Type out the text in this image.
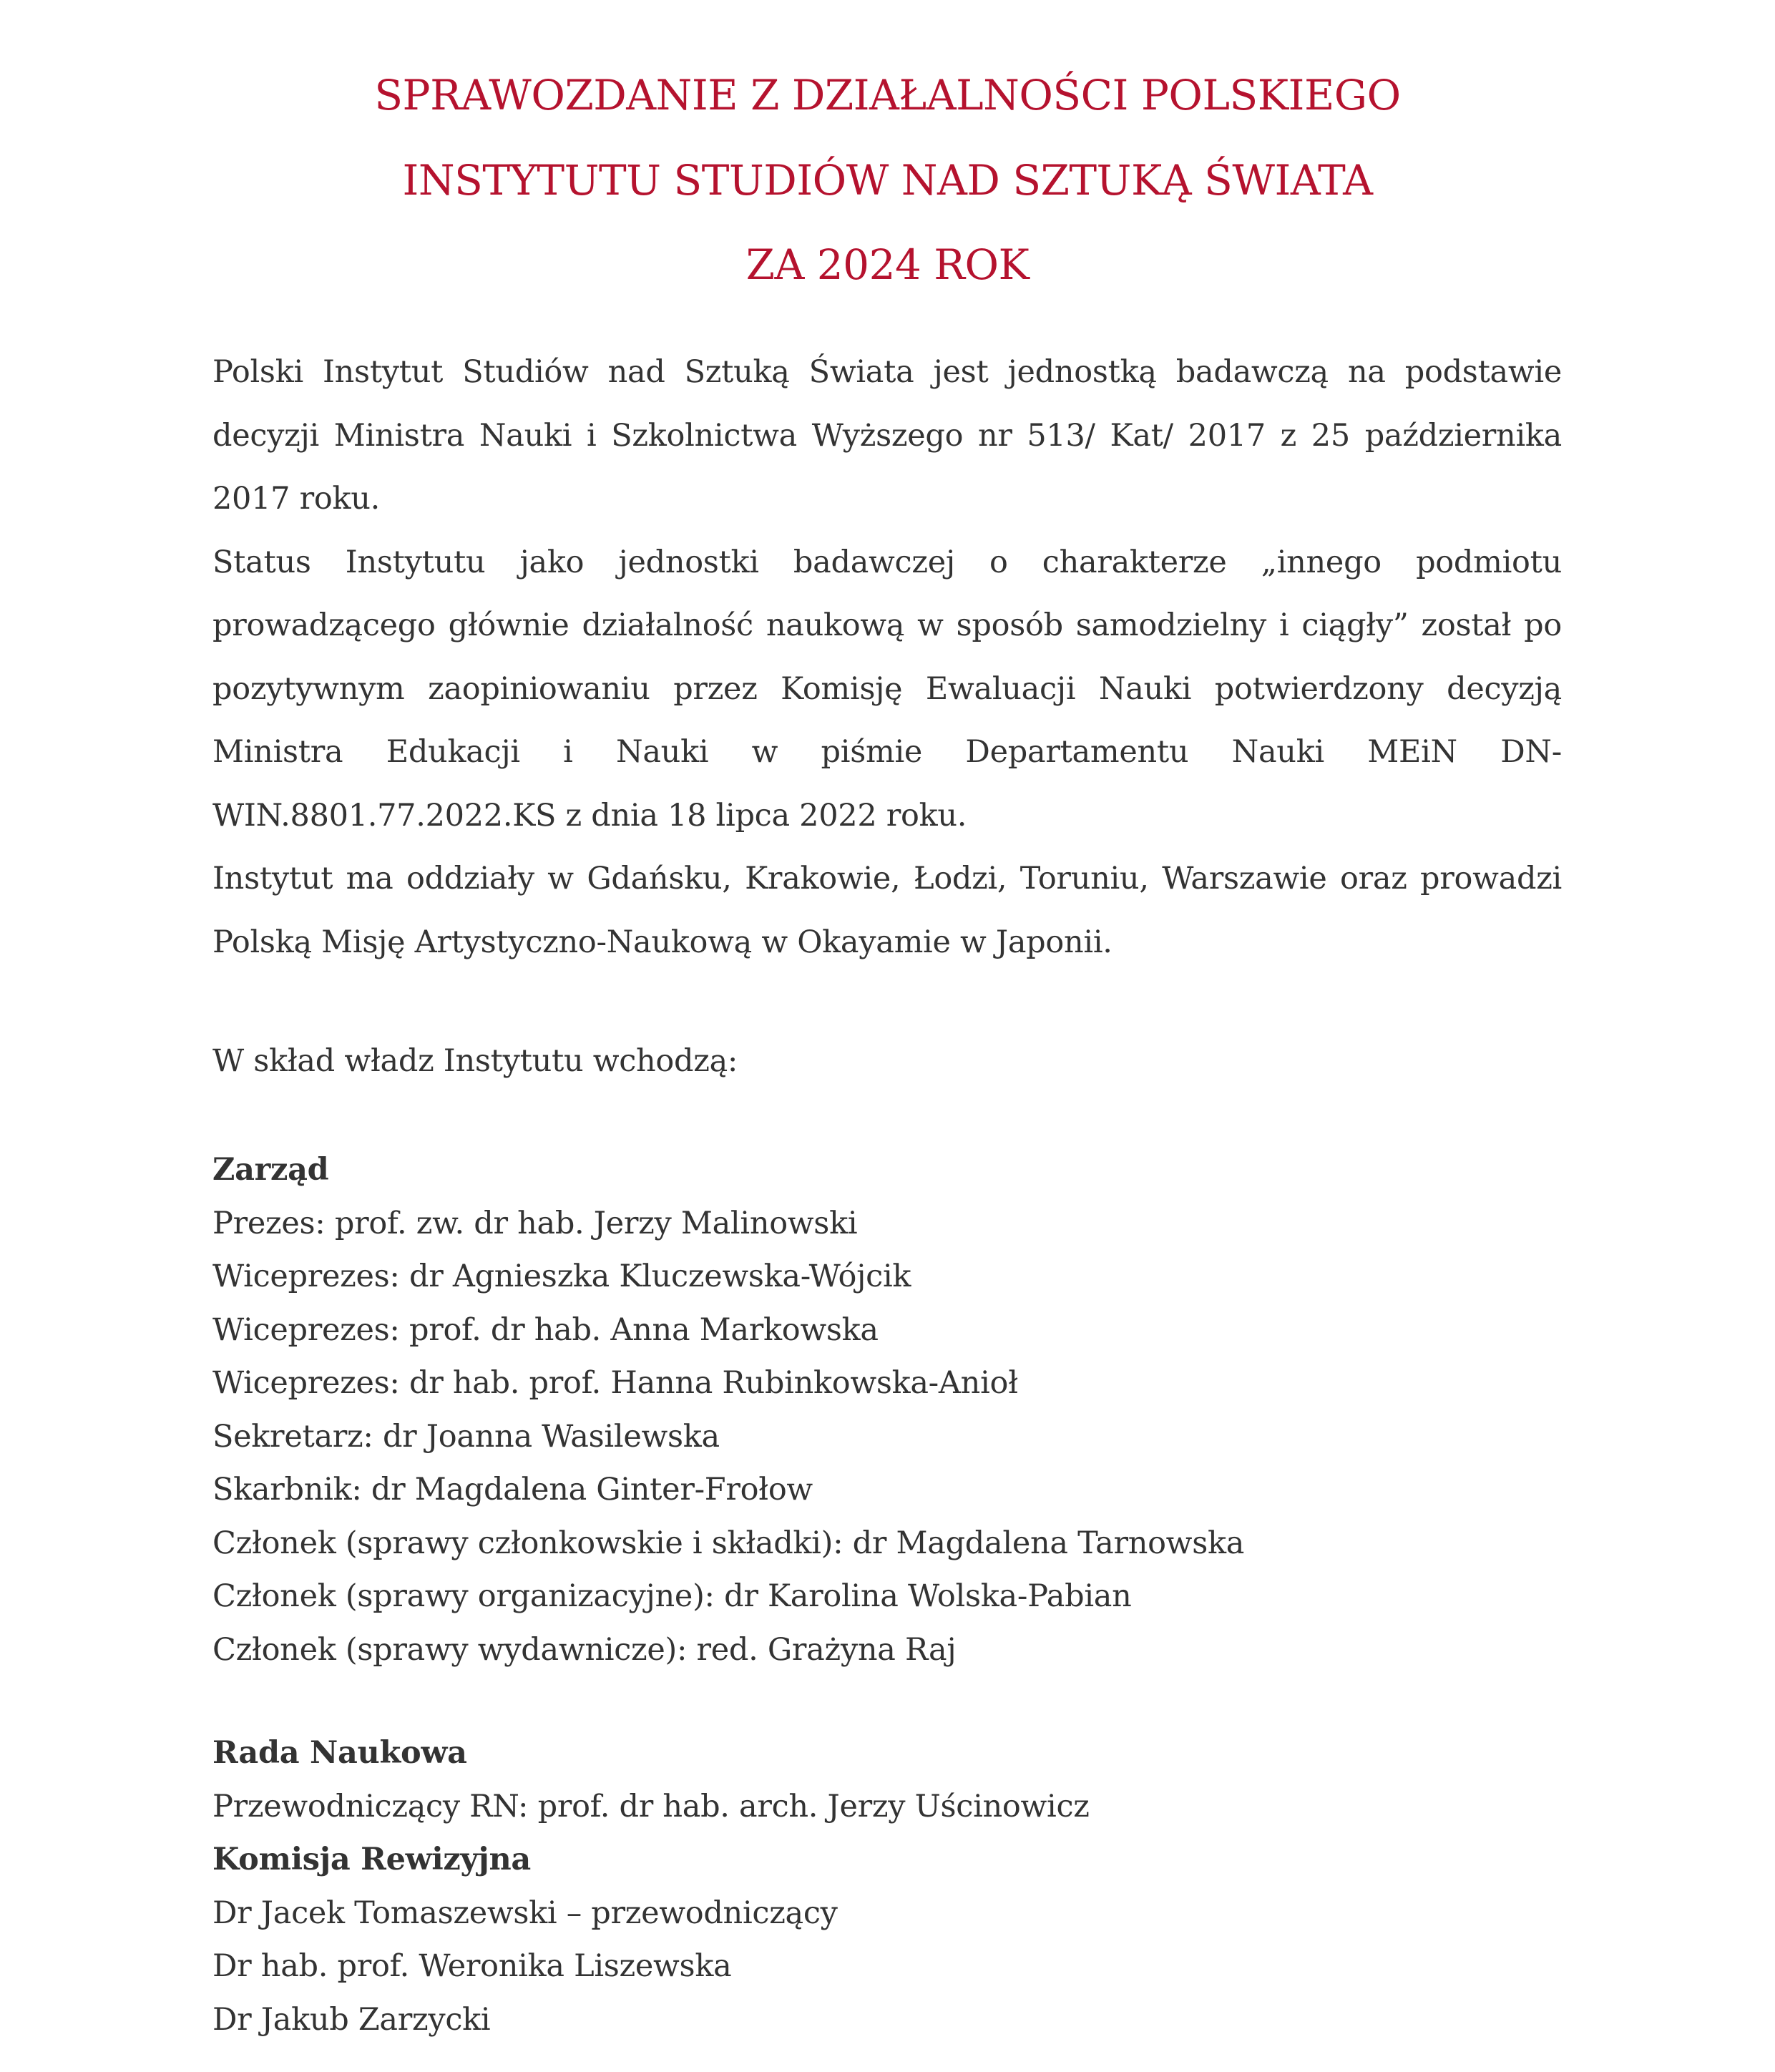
SPRAWOZDANIE Z DZIAŁALNOŚCI POLSKIEGO
INSTYTUTU STUDIÓW NAD SZTUKĄ ŚWIATA
ZA 2024 ROK

Polski Instytut Studiów nad Sztuką Świata jest jednostką badawczą na podstawie decyzji Ministra Nauki i Szkolnictwa Wyższego nr 513/ Kat/ 2017 z 25 października 2017 roku.

Status Instytutu jako jednostki badawczej o charakterze „innego podmiotu prowadzącego głównie działalność naukową w sposób samodzielny i ciągły” został po pozytywnym zaopiniowaniu przez Komisję Ewaluacji Nauki potwierdzony decyzją Ministra Edukacji i Nauki w piśmie Departamentu Nauki MEiN DN-WIN.8801.77.2022.KS z dnia 18 lipca 2022 roku.

Instytut ma oddziały w Gdańsku, Krakowie, Łodzi, Toruniu, Warszawie oraz prowadzi Polską Misję Artystyczno-Naukową w Okayamie w Japonii.

W skład władz Instytutu wchodzą:
Zarząd
Prezes: prof. zw. dr hab. Jerzy Malinowski
Wiceprezes: dr Agnieszka Kluczewska-Wójcik
Wiceprezes: prof. dr hab. Anna Markowska
Wiceprezes: dr hab. prof. Hanna Rubinkowska-Anioł
Sekretarz: dr Joanna Wasilewska
Skarbnik: dr Magdalena Ginter-Frołow
Członek (sprawy członkowskie i składki): dr Magdalena Tarnowska
Członek (sprawy organizacyjne): dr Karolina Wolska-Pabian
Członek (sprawy wydawnicze): red. Grażyna Raj
Rada Naukowa
Przewodniczący RN: prof. dr hab. arch. Jerzy Uścinowicz
Komisja Rewizyjna
Dr Jacek Tomaszewski – przewodniczący
Dr hab. prof. Weronika Liszewska
Dr Jakub Zarzycki
